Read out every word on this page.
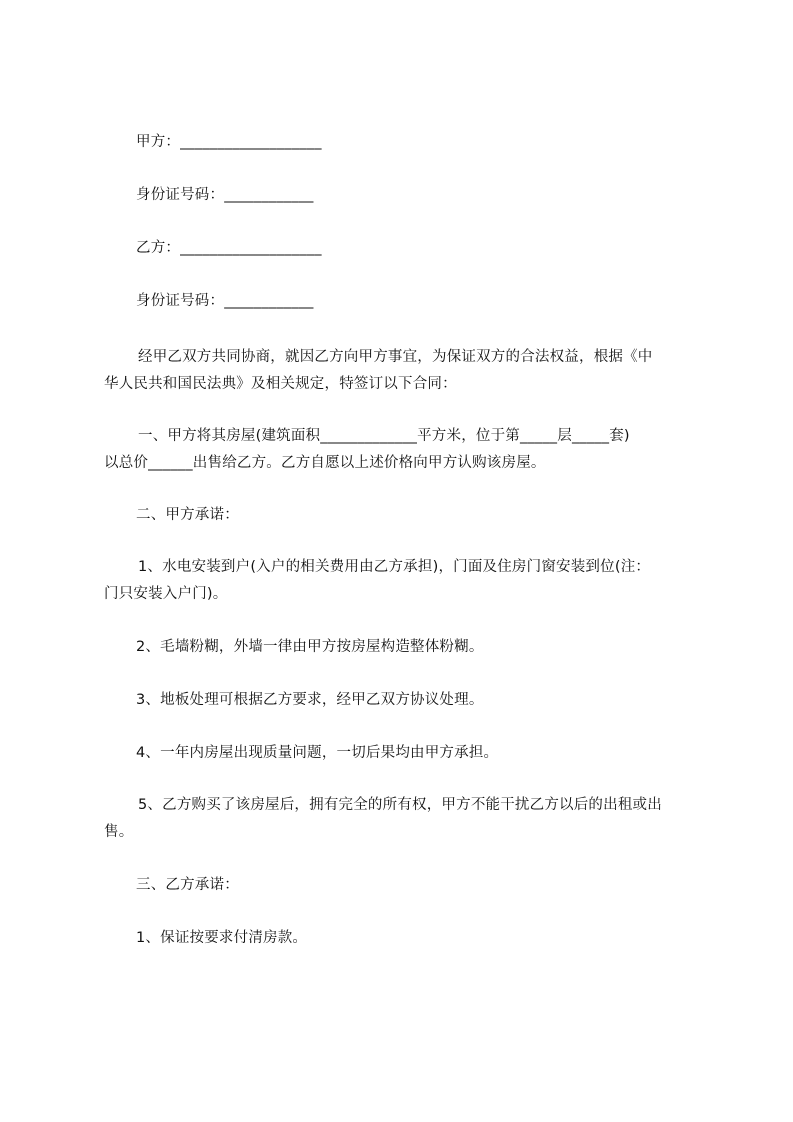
甲方：___________________
身份证号码：____________
乙方：___________________
身份证号码：____________
经甲乙双方共同协商，就因乙方向甲方事宜，为保证双方的合法权益，根据《中
华人民共和国民法典》及相关规定，特签订以下合同：
一、甲方将其房屋(建筑面积_____________平方米，位于第_____层_____套)
以总价______出售给乙方。乙方自愿以上述价格向甲方认购该房屋。
二、甲方承诺：
1、水电安装到户(入户的相关费用由乙方承担)，门面及住房门窗安装到位(注：
门只安装入户门)。
2、毛墙粉糊，外墙一律由甲方按房屋构造整体粉糊。
3、地板处理可根据乙方要求，经甲乙双方协议处理。
4、一年内房屋出现质量问题，一切后果均由甲方承担。
5、乙方购买了该房屋后，拥有完全的所有权，甲方不能干扰乙方以后的出租或出
售。
三、乙方承诺：
1、保证按要求付清房款。
